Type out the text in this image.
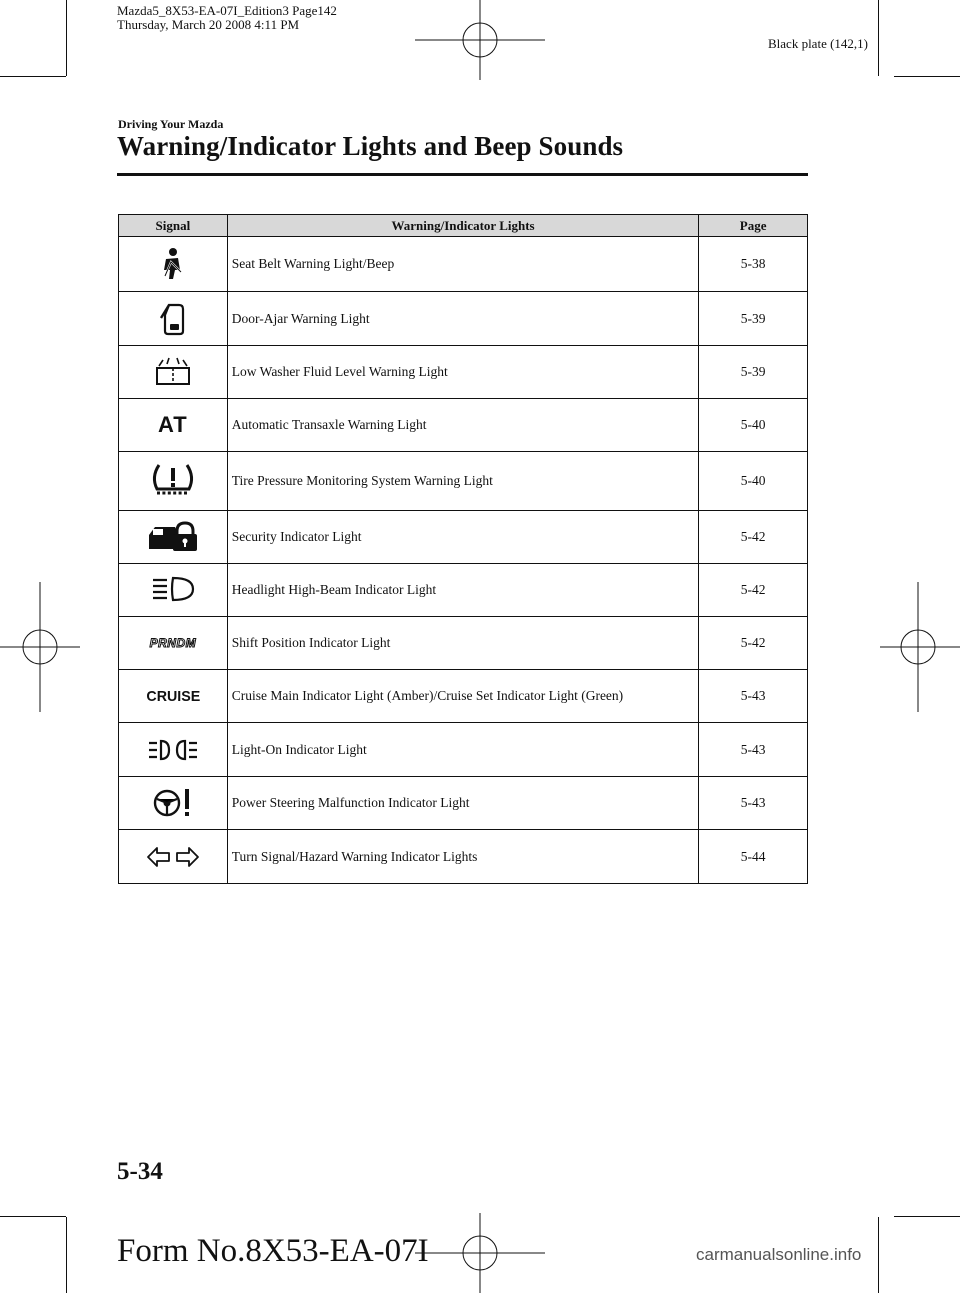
Mazda5_8X53-EA-07I_Edition3 Page142
Thursday, March 20 2008 4:11 PM
Black plate (142,1)
Driving Your Mazda
Warning/Indicator Lights and Beep Sounds
Signal	Warning/Indicator Lights	Page

	Seat Belt Warning Light/Beep	5-38

	Door-Ajar Warning Light	5-39

	Low Washer Fluid Level Warning Light	5-39
AT	Automatic Transaxle Warning Light	5-40

	Tire Pressure Monitoring System Warning Light	5-40

	Security Indicator Light	5-42

	Headlight High-Beam Indicator Light	5-42
PRNDM	Shift Position Indicator Light	5-42
CRUISE	Cruise Main Indicator Light (Amber)/Cruise Set Indicator Light (Green)	5-43

	Light-On Indicator Light	5-43

	Power Steering Malfunction Indicator Light	5-43

	Turn Signal/Hazard Warning Indicator Lights	5-44
5-34
Form No.8X53-EA-07I	carmanualsonline.info
